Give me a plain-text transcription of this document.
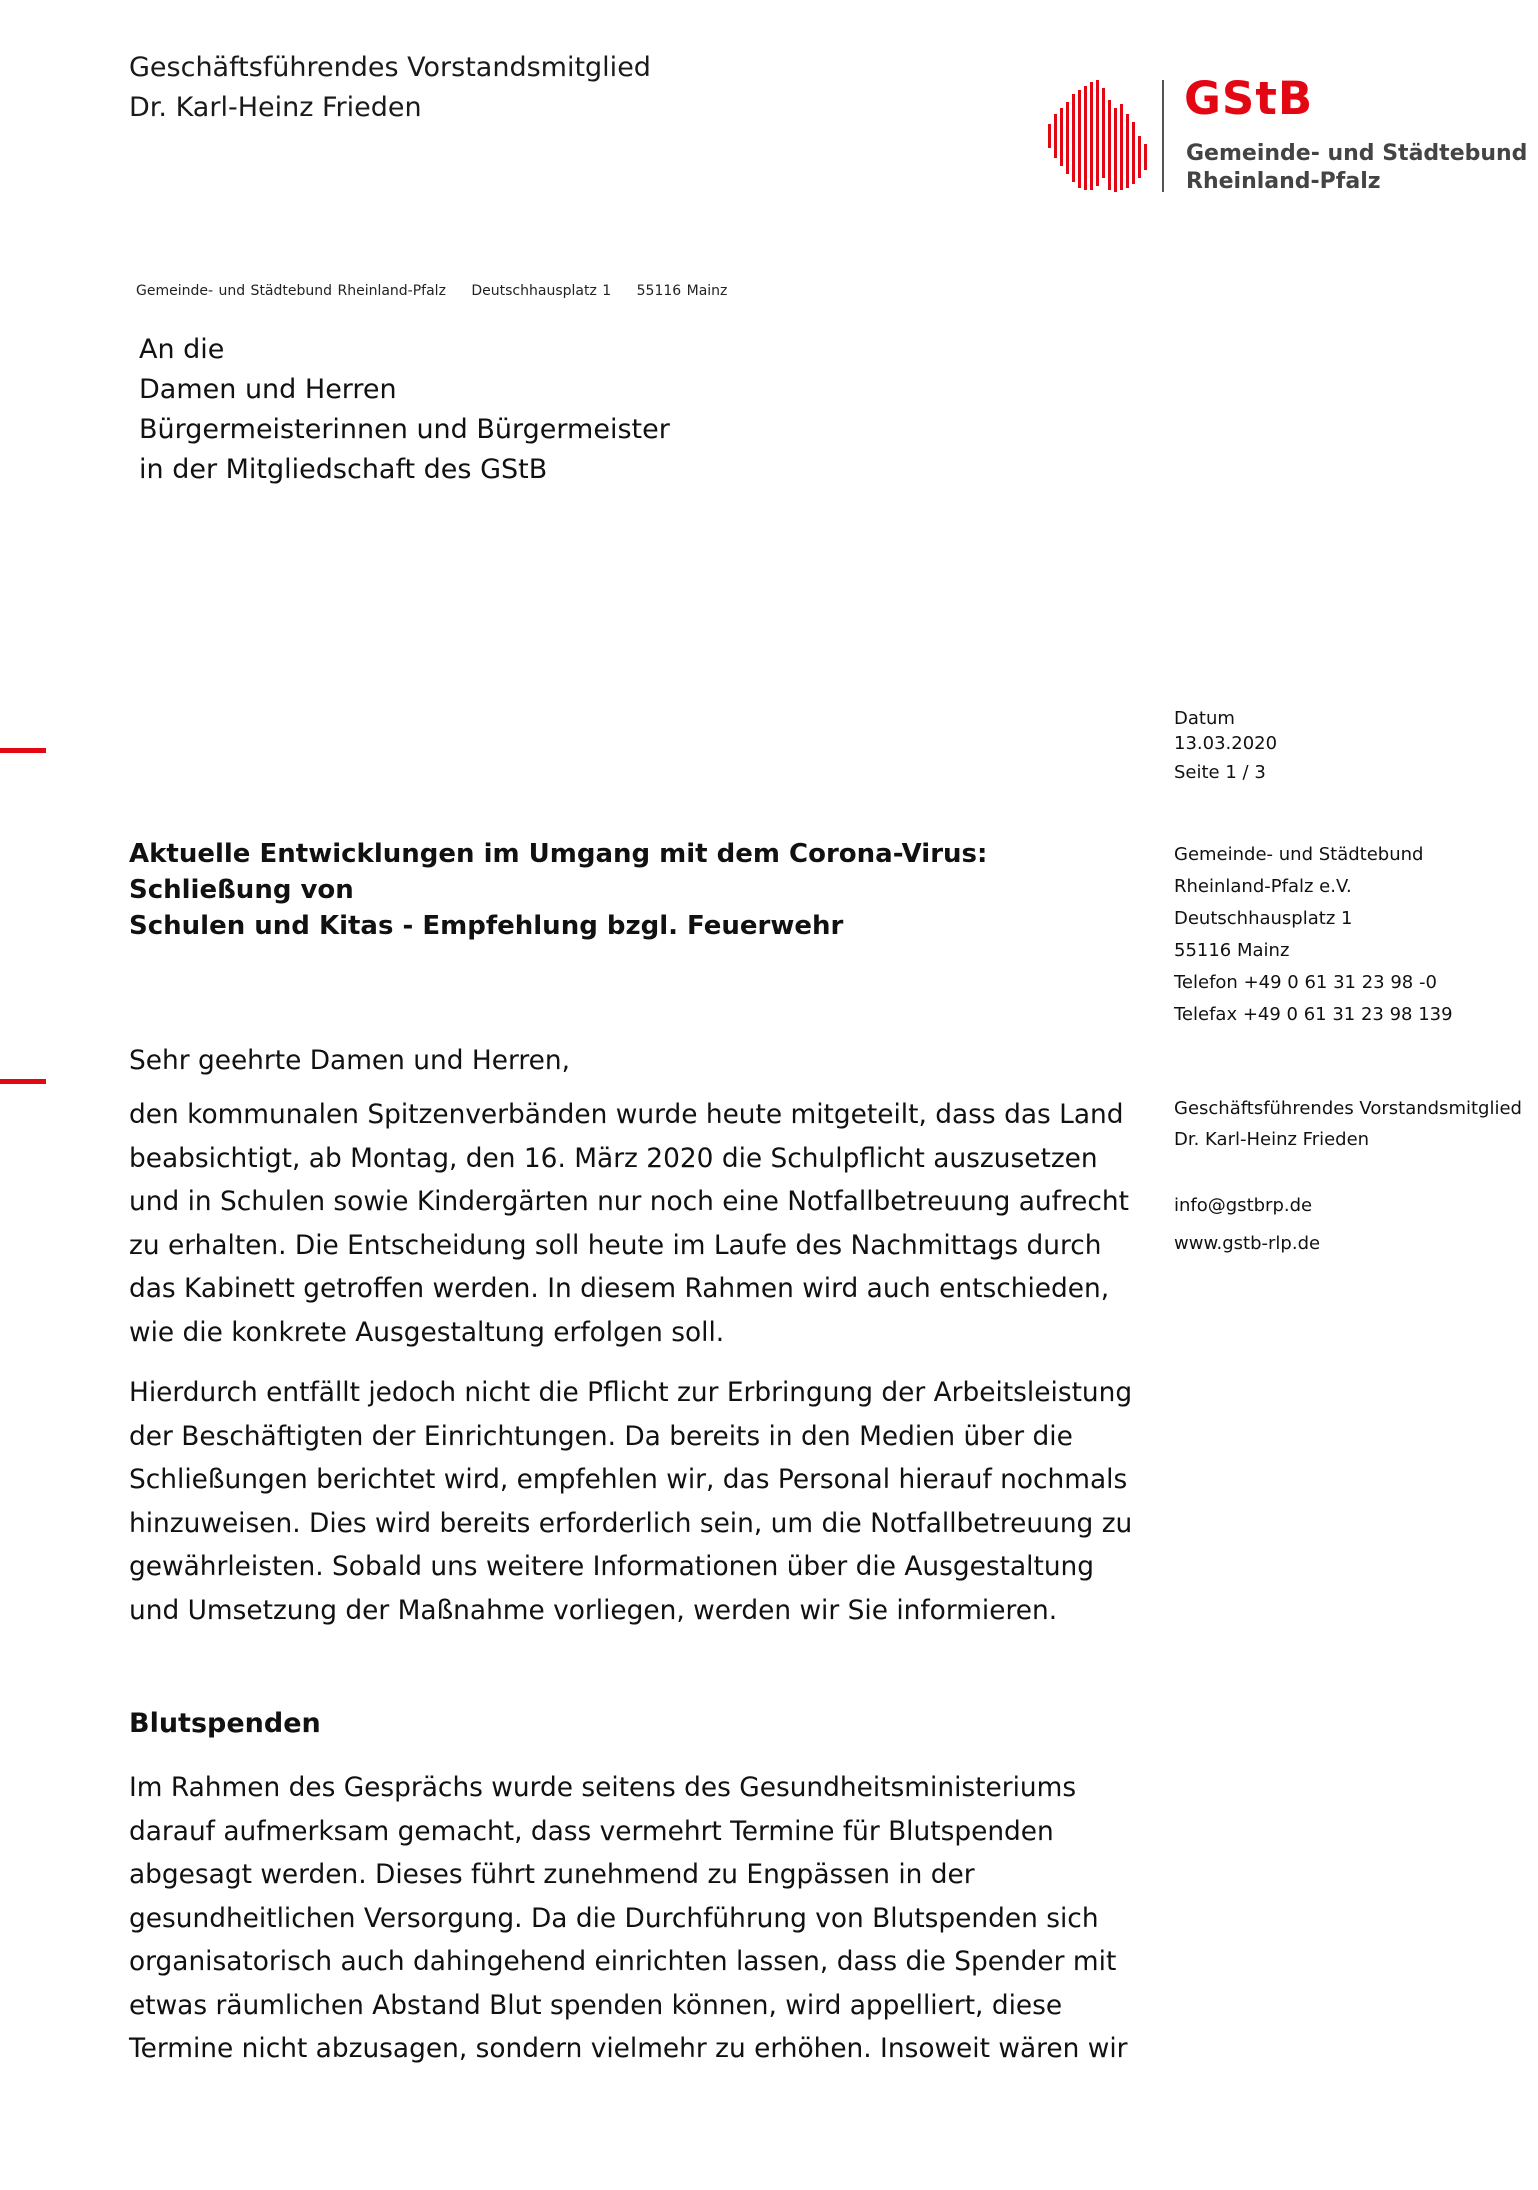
Geschäftsführendes Vorstandsmitglied
Dr. Karl-Heinz Frieden	GStB
Gemeinde- und Städtebund
Rheinland-Pfalz
Gemeinde- und Städtebund Rheinland-Pfalz Deutschhausplatz 1 55116 Mainz
An die
Damen und Herren
Bürgermeisterinnen und Bürgermeister
in der Mitgliedschaft des GStB
Datum
13.03.2020
Seite 1 / 3
Gemeinde- und Städtebund
Rheinland-Pfalz e.V.
Deutschhausplatz 1
55116 Mainz
Telefon +49 0 61 31 23 98 -0
Telefax +49 0 61 31 23 98 139
Geschäftsführendes Vorstandsmitglied
Dr. Karl-Heinz Frieden
info@gstbrp.de
www.gstb-rlp.de
Aktuelle Entwicklungen im Umgang mit dem Corona-Virus: Schließung von
Schulen und Kitas - Empfehlung bzgl. Feuerwehr
Sehr geehrte Damen und Herren,
den kommunalen Spitzenverbänden wurde heute mitgeteilt, dass das Land
beabsichtigt, ab Montag, den 16. März 2020 die Schulpflicht auszusetzen
und in Schulen sowie Kindergärten nur noch eine Notfallbetreuung aufrecht
zu erhalten. Die Entscheidung soll heute im Laufe des Nachmittags durch
das Kabinett getroffen werden. In diesem Rahmen wird auch entschieden,
wie die konkrete Ausgestaltung erfolgen soll.
Hierdurch entfällt jedoch nicht die Pflicht zur Erbringung der Arbeitsleistung
der Beschäftigten der Einrichtungen. Da bereits in den Medien über die
Schließungen berichtet wird, empfehlen wir, das Personal hierauf nochmals
hinzuweisen. Dies wird bereits erforderlich sein, um die Notfallbetreuung zu
gewährleisten. Sobald uns weitere Informationen über die Ausgestaltung
und Umsetzung der Maßnahme vorliegen, werden wir Sie informieren.
Blutspenden
Im Rahmen des Gesprächs wurde seitens des Gesundheitsministeriums
darauf aufmerksam gemacht, dass vermehrt Termine für Blutspenden
abgesagt werden. Dieses führt zunehmend zu Engpässen in der
gesundheitlichen Versorgung. Da die Durchführung von Blutspenden sich
organisatorisch auch dahingehend einrichten lassen, dass die Spender mit
etwas räumlichen Abstand Blut spenden können, wird appelliert, diese
Termine nicht abzusagen, sondern vielmehr zu erhöhen. Insoweit wären wir
